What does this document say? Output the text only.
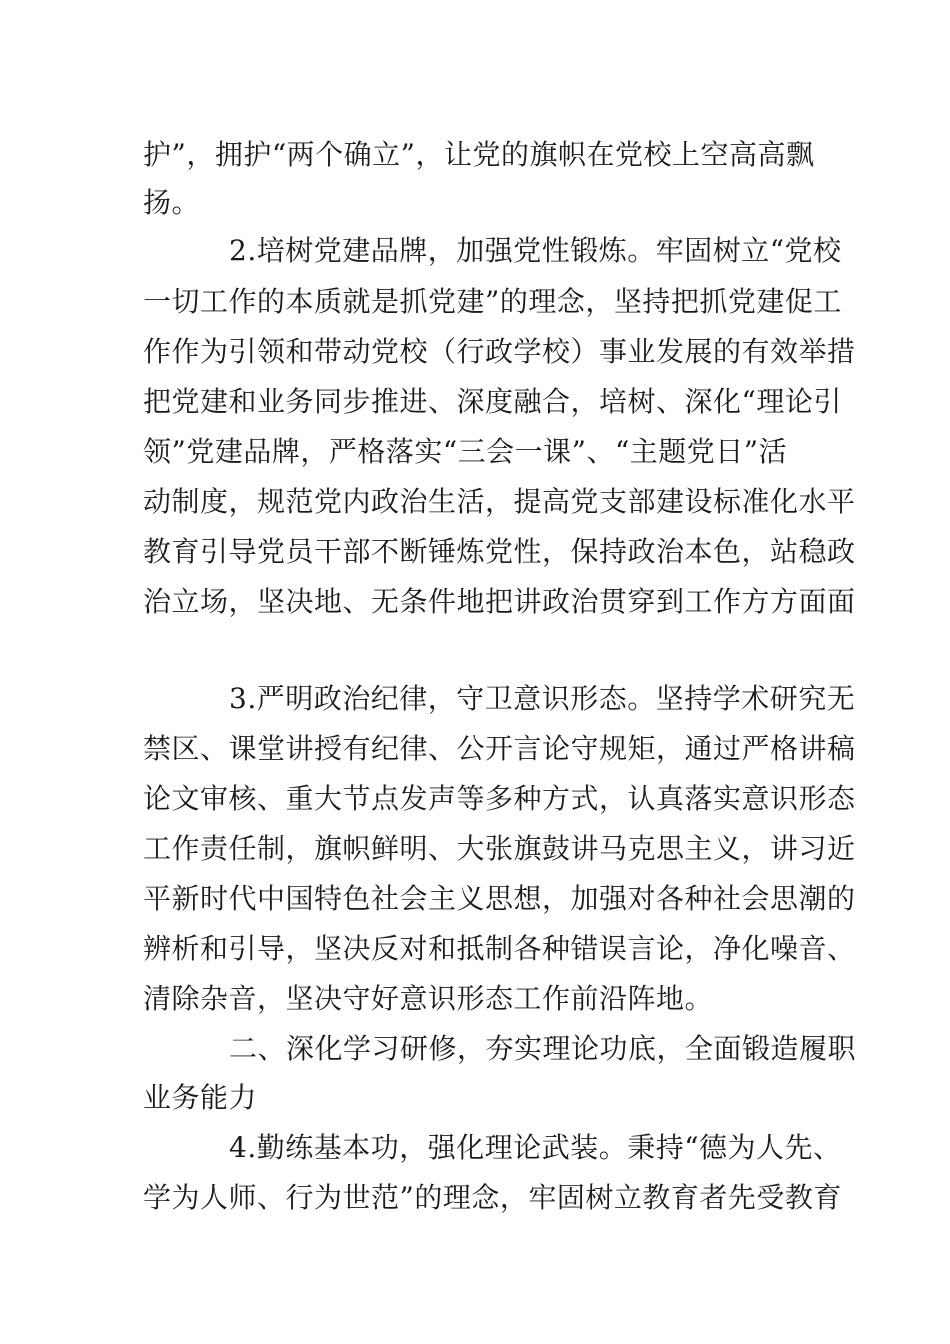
护”，拥护“两个确立”，让党的旗帜在党校上空高高飘
扬。
2.培树党建品牌，加强党性锻炼。牢固树立“党校
一切工作的本质就是抓党建”的理念，坚持把抓党建促工
作作为引领和带动党校（行政学校）事业发展的有效举措
把党建和业务同步推进、深度融合，培树、深化“理论引
领”党建品牌，严格落实“三会一课”、“主题党日”活
动制度，规范党内政治生活，提高党支部建设标准化水平
教育引导党员干部不断锤炼党性，保持政治本色，站稳政
治立场，坚决地、无条件地把讲政治贯穿到工作方方面面
3.严明政治纪律，守卫意识形态。坚持学术研究无
禁区、课堂讲授有纪律、公开言论守规矩，通过严格讲稿
论文审核、重大节点发声等多种方式，认真落实意识形态
工作责任制，旗帜鲜明、大张旗鼓讲马克思主义，讲习近
平新时代中国特色社会主义思想，加强对各种社会思潮的
辨析和引导，坚决反对和抵制各种错误言论，净化噪音、
清除杂音，坚决守好意识形态工作前沿阵地。
二、深化学习研修，夯实理论功底，全面锻造履职
业务能力
4.勤练基本功，强化理论武装。秉持“德为人先、
学为人师、行为世范”的理念，牢固树立教育者先受教育
